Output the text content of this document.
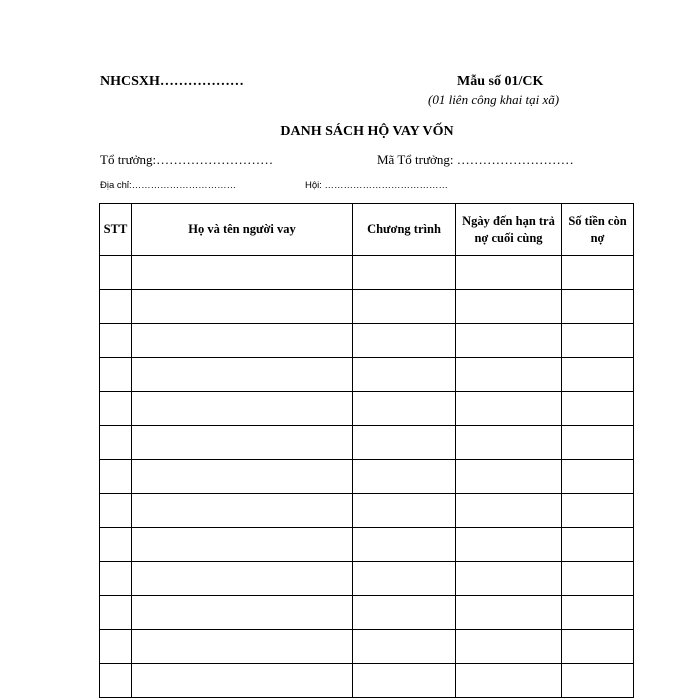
NHCSXH………………	Mẫu số 01/CK
(01 liên công khai tại xã)
DANH SÁCH HỘ VAY VỐN
Tổ trưởng:………………………	Mã Tổ trưởng: ………………………
Địa chỉ:……………………………	Hội: …………………………………
STT	Họ và tên người vay	Chương trình	Ngày đến hạn trả nợ cuối cùng	Số tiền còn nợ
